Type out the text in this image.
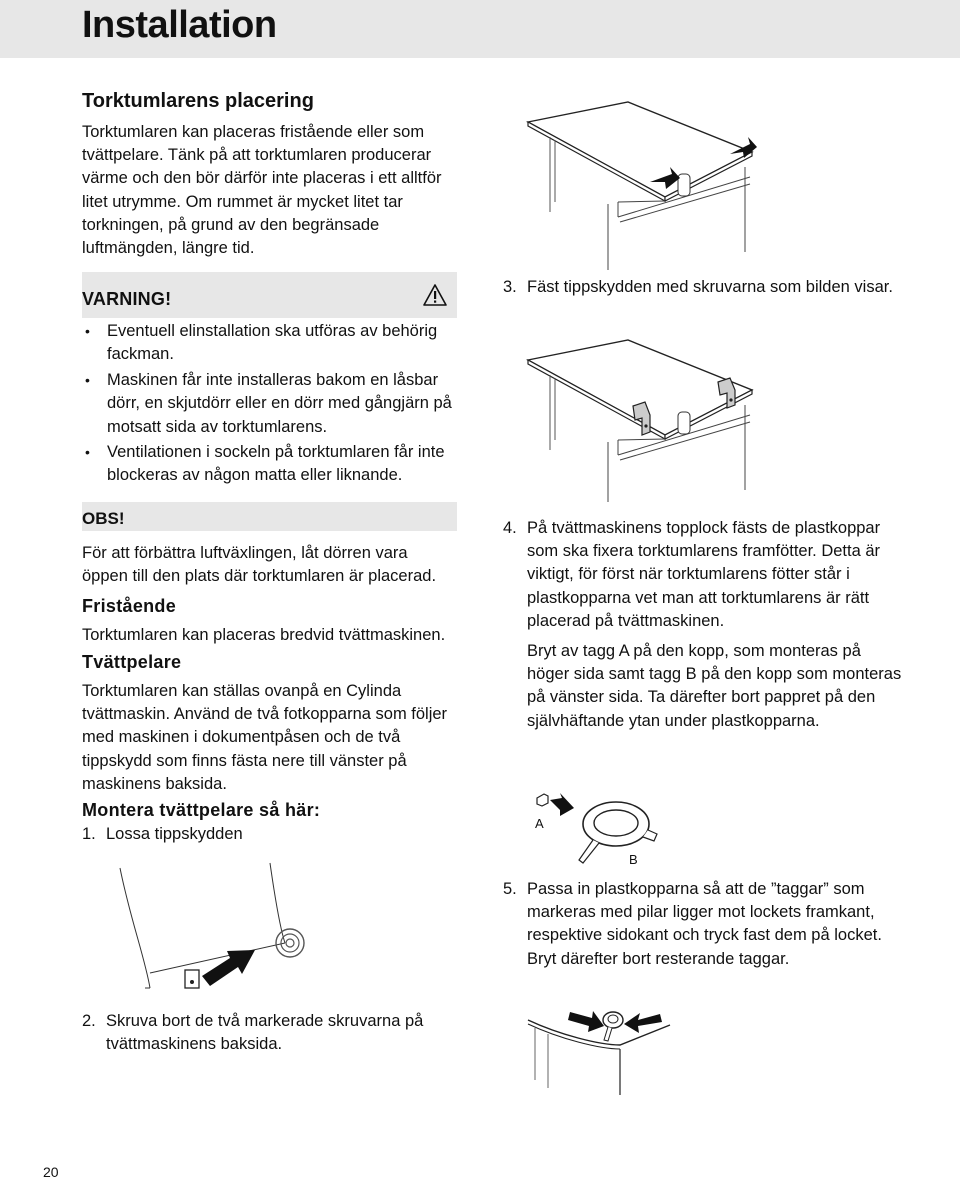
Installation
Torktumlarens placering

Torktumlaren kan placeras fristående eller som tvättpelare. Tänk på att torktumlaren producerar värme och den bör därför inte placeras i ett alltför litet utrymme. Om rummet är mycket litet tar torkningen, på grund av den begränsade luftmängden, längre tid.

VARNING!
• Eventuell elinstallation ska utföras av behörig fackman.
• Maskinen får inte installeras bakom en låsbar dörr, en skjutdörr eller en dörr med gångjärn på motsatt sida av torktumlarens.
• Ventilationen i sockeln på torktumlaren får inte blockeras av någon matta eller liknande.
OBS!

För att förbättra luftväxlingen, låt dörren vara öppen till den plats där torktumlaren är placerad.

Fristående

Torktumlaren kan placeras bredvid tvättmaskinen.

Tvättpelare

Torktumlaren kan ställas ovanpå en Cylinda tvättmaskin. Använd de två fotkopparna som följer med maskinen i dokumentpåsen och de två tippskydd som finns fästa nere till vänster på maskinens baksida.

Montera tvättpelare så här:
1. Lossa tippskydden
2. Skruva bort de två markerade skruvarna på tvättmaskinens baksida.
3. Fäst tippskydden med skruvarna som bilden visar.
4. På tvättmaskinens topplock fästs de plastkoppar som ska fixera torktumlarens framfötter. Detta är viktigt, för först när torktumlarens fötter står i plastkopparna vet man att torktumlarens är rätt placerad på tvättmaskinen.

Bryt av tagg A på den kopp, som monteras på höger sida samt tagg B på den kopp som monteras på vänster sida. Ta därefter bort pappret på den självhäftande ytan under plastkopparna.

A
B
5. Passa in plastkopparna så att de ”taggar” som markeras med pilar ligger mot lockets framkant, respektive sidokant och tryck fast dem på locket. Bryt därefter bort resterande taggar.
20
